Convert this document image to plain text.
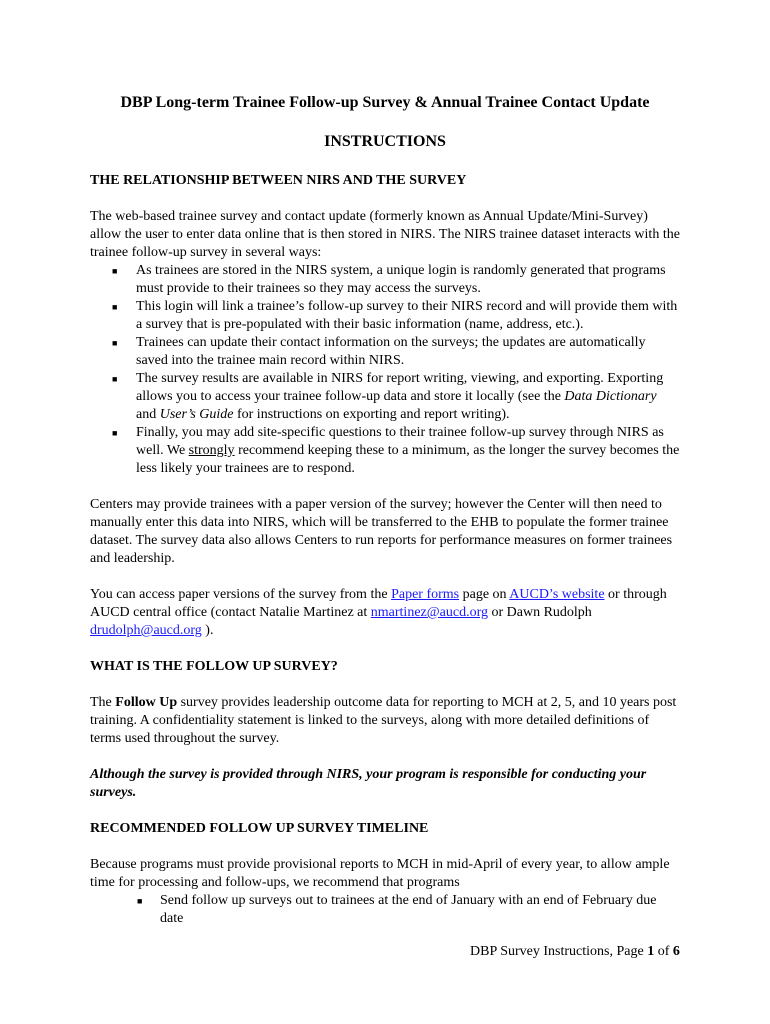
DBP Long-term Trainee Follow-up Survey & Annual Trainee Contact Update
INSTRUCTIONS

THE RELATIONSHIP BETWEEN NIRS AND THE SURVEY

The web-based trainee survey and contact update (formerly known as Annual Update/Mini-Survey) allow the user to enter data online that is then stored in NIRS. The NIRS trainee dataset interacts with the trainee follow-up survey in several ways:

■ As trainees are stored in the NIRS system, a unique login is randomly generated that programs must provide to their trainees so they may access the surveys.
■ This login will link a trainee’s follow-up survey to their NIRS record and will provide them with a survey that is pre-populated with their basic information (name, address, etc.).
■ Trainees can update their contact information on the surveys; the updates are automatically saved into the trainee main record within NIRS.
■ The survey results are available in NIRS for report writing, viewing, and exporting. Exporting allows you to access your trainee follow-up data and store it locally (see the Data Dictionary and User’s Guide for instructions on exporting and report writing).
■ Finally, you may add site-specific questions to their trainee follow-up survey through NIRS as well. We strongly recommend keeping these to a minimum, as the longer the survey becomes the less likely your trainees are to respond.

Centers may provide trainees with a paper version of the survey; however the Center will then need to manually enter this data into NIRS, which will be transferred to the EHB to populate the former trainee dataset. The survey data also allows Centers to run reports for performance measures on former trainees and leadership.

You can access paper versions of the survey from the Paper forms page on AUCD’s website or through AUCD central office (contact Natalie Martinez at nmartinez@aucd.org or Dawn Rudolph drudolph@aucd.org ).

WHAT IS THE FOLLOW UP SURVEY?

The Follow Up survey provides leadership outcome data for reporting to MCH at 2, 5, and 10 years post training. A confidentiality statement is linked to the surveys, along with more detailed definitions of terms used throughout the survey.

Although the survey is provided through NIRS, your program is responsible for conducting your surveys.

RECOMMENDED FOLLOW UP SURVEY TIMELINE

Because programs must provide provisional reports to MCH in mid-April of every year, to allow ample time for processing and follow-ups, we recommend that programs

■ Send follow up surveys out to trainees at the end of January with an end of February due date
DBP Survey Instructions, Page 1 of 6
